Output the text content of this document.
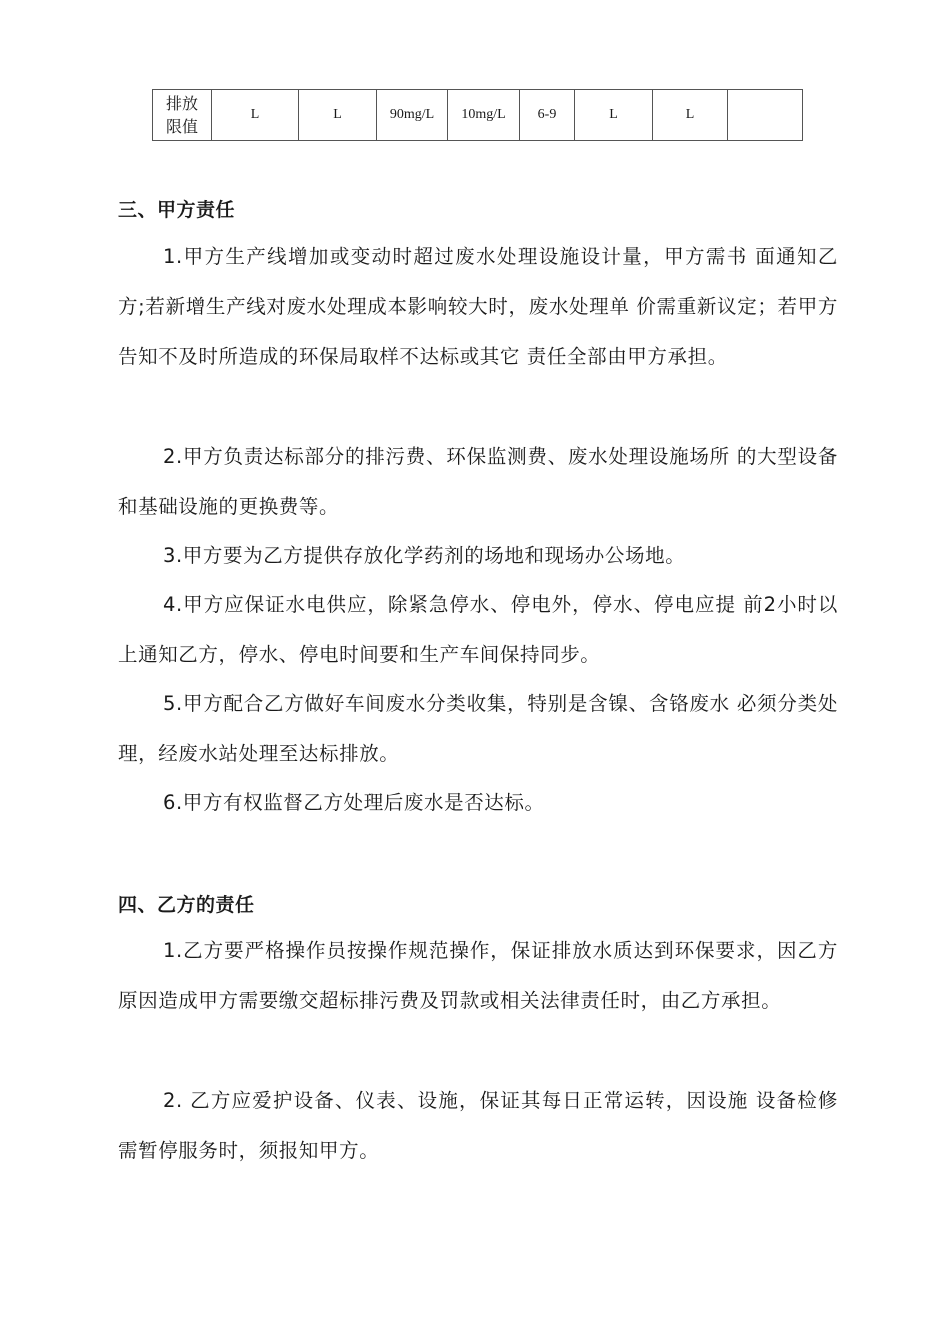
排放
限值
	L	L	90mg/L	10mg/L	6-9	L	L	
三、甲方责任

1.甲方生产线增加或变动时超过废水处理设施设计量，甲方需书 面通知乙方;若新增生产线对废水处理成本影响较大时，废水处理单 价需重新议定；若甲方告知不及时所造成的环保局取样不达标或其它 责任全部由甲方承担。

2.甲方负责达标部分的排污费、环保监测费、废水处理设施场所 的大型设备和基础设施的更换费等。

3.甲方要为乙方提供存放化学药剂的场地和现场办公场地。

4.甲方应保证水电供应，除紧急停水、停电外，停水、停电应提 前2小时以上通知乙方，停水、停电时间要和生产车间保持同步。

5.甲方配合乙方做好车间废水分类收集，特别是含镍、含铬废水 必须分类处理，经废水站处理至达标排放。

6.甲方有权监督乙方处理后废水是否达标。

四、乙方的责任

1.乙方要严格操作员按操作规范操作，保证排放水质达到环保要求，因乙方原因造成甲方需要缴交超标排污费及罚款或相关法律责任时，由乙方承担。

2. 乙方应爱护设备、仪表、设施，保证其每日正常运转，因设施 设备检修需暂停服务时，须报知甲方。
